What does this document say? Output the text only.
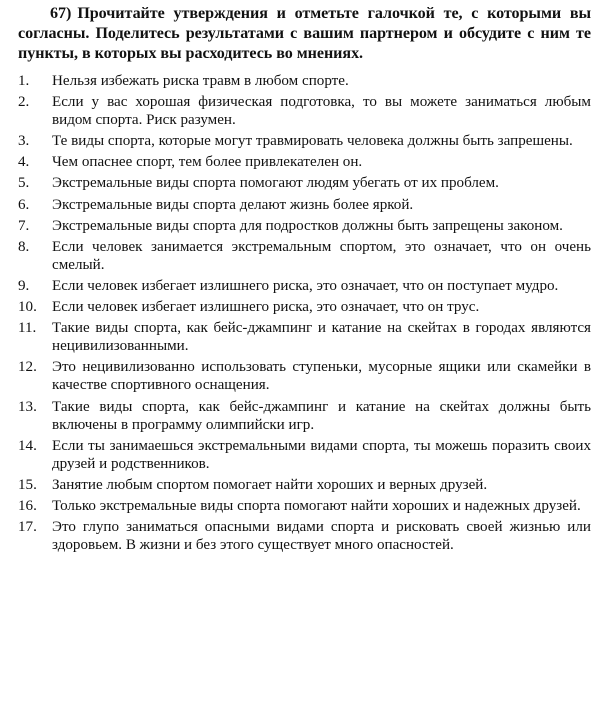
67) Прочитайте утверждения и отметьте галочкой те, с которыми вы согласны. Поделитесь результатами с вашим партнером и обсудите с ним те пункты, в которых вы расходитесь во мнениях.

1.	Нельзя избежать риска травм в любом спорте.
2.	Если у вас хорошая физическая подготовка, то вы можете заниматься любым видом спорта. Риск разумен.
3.	Те виды спорта, которые могут травмировать человека должны быть запрешены.
4.	Чем опаснее спорт, тем более привлекателен он.
5.	Экстремальные виды спорта помогают людям убегать от их проблем.
6.	Экстремальные виды спорта делают жизнь более яркой.
7.	Экстремальные виды спорта для подростков должны быть запрещены законом.
8.	Если человек занимается экстремальным спортом, это означает, что он очень смелый.
9.	Если человек избегает излишнего риска, это означает, что он поступает мудро.
10.	Если человек избегает излишнего риска, это означает, что он трус.
11.	Такие виды спорта, как бейс-джампинг и катание на скейтах в городах являются нецивилизованными.
12.	Это нецивилизованно использовать ступеньки, мусорные ящики или скамейки в качестве спортивного оснащения.
13.	Такие виды спорта, как бейс-джампинг и катание на скейтах должны быть включены в программу олимпийски игр.
14.	Если ты занимаешься экстремальными видами спорта, ты можешь поразить своих друзей и родственников.
15.	Занятие любым спортом помогает найти хороших и верных друзей.
16.	Только экстремальные виды спорта помогают найти хороших и надежных друзей.
17.	Это глупо заниматься опасными видами спорта и рисковать своей жизнью или здоровьем. В жизни и без этого существует много опасностей.
